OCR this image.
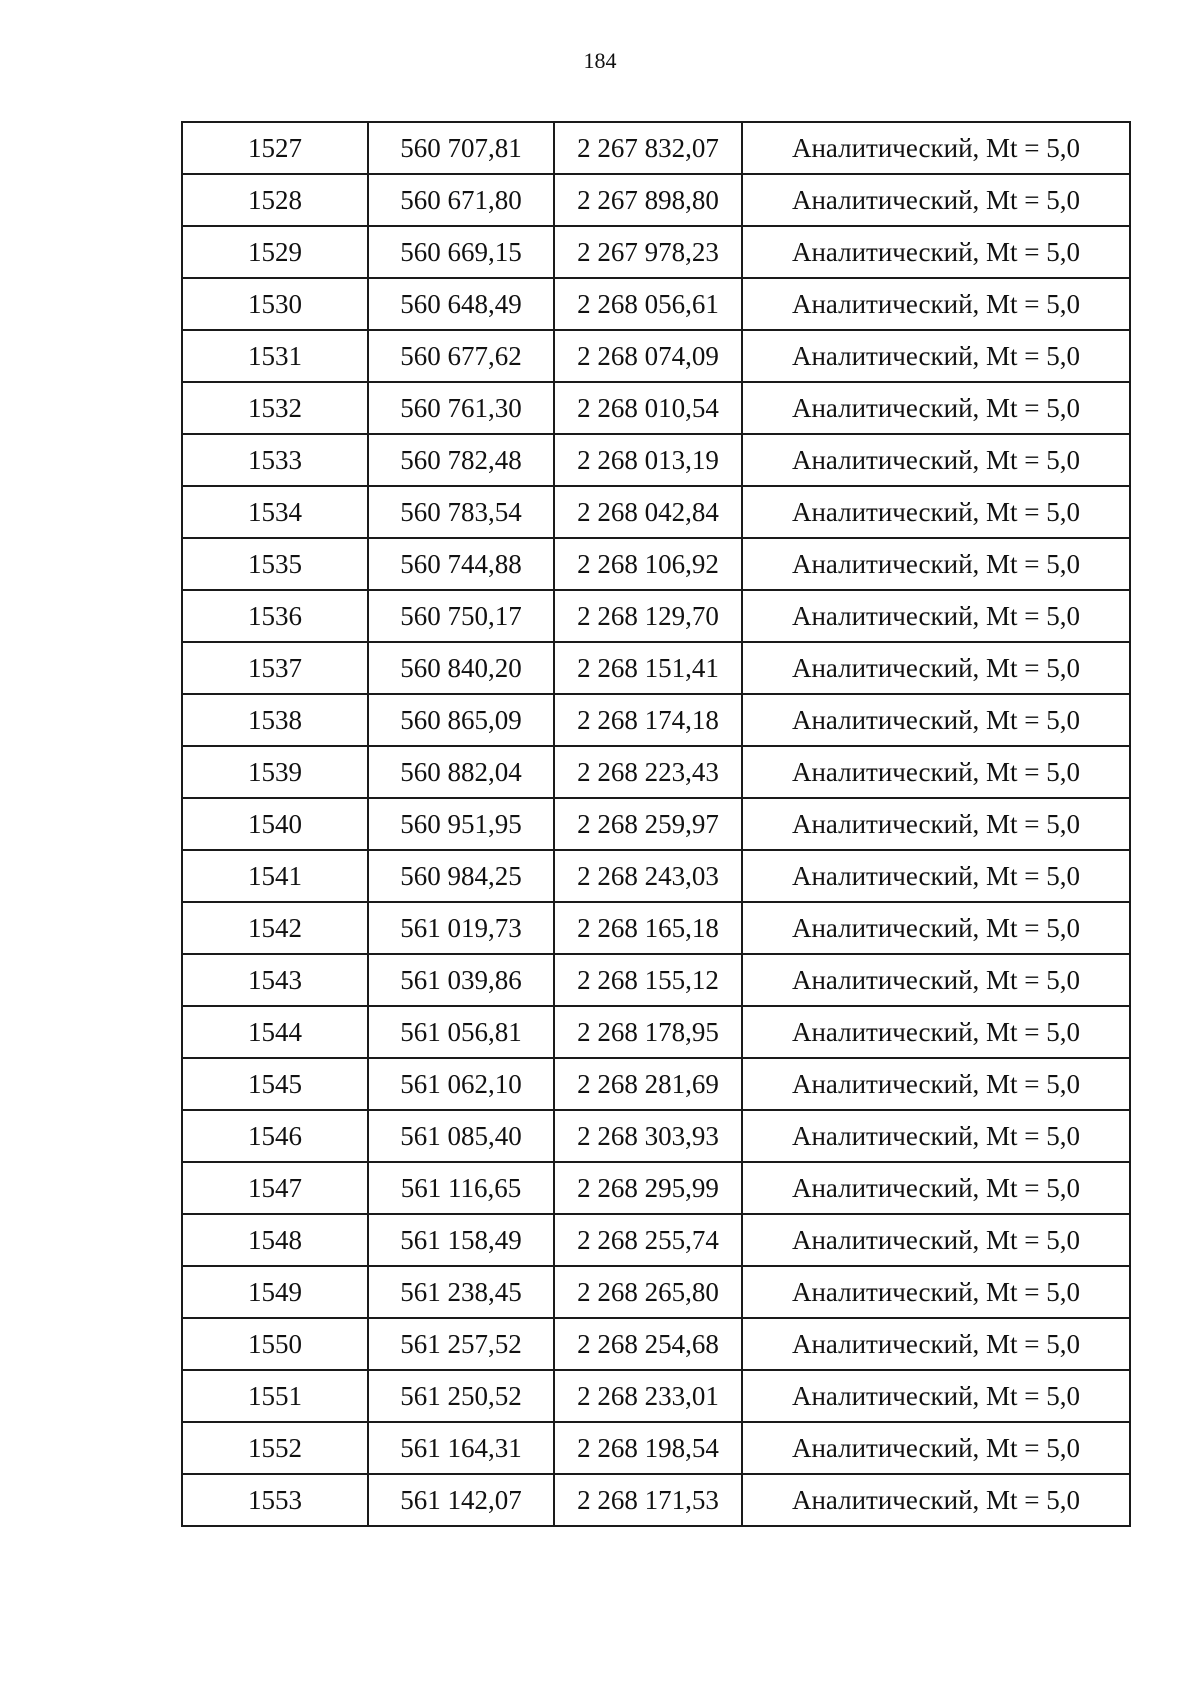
184
1527	560 707,81	2 267 832,07	Аналитический, Mt = 5,0
1528	560 671,80	2 267 898,80	Аналитический, Mt = 5,0
1529	560 669,15	2 267 978,23	Аналитический, Mt = 5,0
1530	560 648,49	2 268 056,61	Аналитический, Mt = 5,0
1531	560 677,62	2 268 074,09	Аналитический, Mt = 5,0
1532	560 761,30	2 268 010,54	Аналитический, Mt = 5,0
1533	560 782,48	2 268 013,19	Аналитический, Mt = 5,0
1534	560 783,54	2 268 042,84	Аналитический, Mt = 5,0
1535	560 744,88	2 268 106,92	Аналитический, Mt = 5,0
1536	560 750,17	2 268 129,70	Аналитический, Mt = 5,0
1537	560 840,20	2 268 151,41	Аналитический, Mt = 5,0
1538	560 865,09	2 268 174,18	Аналитический, Mt = 5,0
1539	560 882,04	2 268 223,43	Аналитический, Mt = 5,0
1540	560 951,95	2 268 259,97	Аналитический, Mt = 5,0
1541	560 984,25	2 268 243,03	Аналитический, Mt = 5,0
1542	561 019,73	2 268 165,18	Аналитический, Mt = 5,0
1543	561 039,86	2 268 155,12	Аналитический, Mt = 5,0
1544	561 056,81	2 268 178,95	Аналитический, Mt = 5,0
1545	561 062,10	2 268 281,69	Аналитический, Mt = 5,0
1546	561 085,40	2 268 303,93	Аналитический, Mt = 5,0
1547	561 116,65	2 268 295,99	Аналитический, Mt = 5,0
1548	561 158,49	2 268 255,74	Аналитический, Mt = 5,0
1549	561 238,45	2 268 265,80	Аналитический, Mt = 5,0
1550	561 257,52	2 268 254,68	Аналитический, Mt = 5,0
1551	561 250,52	2 268 233,01	Аналитический, Mt = 5,0
1552	561 164,31	2 268 198,54	Аналитический, Mt = 5,0
1553	561 142,07	2 268 171,53	Аналитический, Mt = 5,0
